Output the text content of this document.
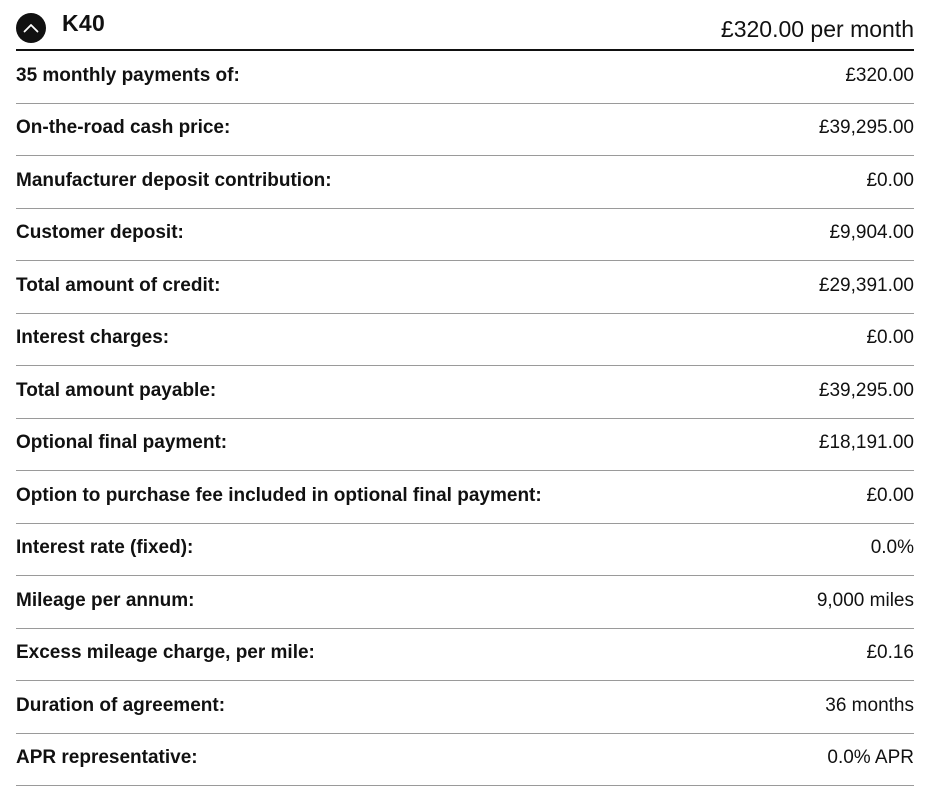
K40	£320.00 per month
35 monthly payments of:	£320.00
On-the-road cash price:	£39,295.00
Manufacturer deposit contribution:	£0.00
Customer deposit:	£9,904.00
Total amount of credit:	£29,391.00
Interest charges:	£0.00
Total amount payable:	£39,295.00
Optional final payment:	£18,191.00
Option to purchase fee included in optional final payment:	£0.00
Interest rate (fixed):	0.0%
Mileage per annum:	9,000 miles
Excess mileage charge, per mile:	£0.16
Duration of agreement:	36 months
APR representative:	0.0% APR
